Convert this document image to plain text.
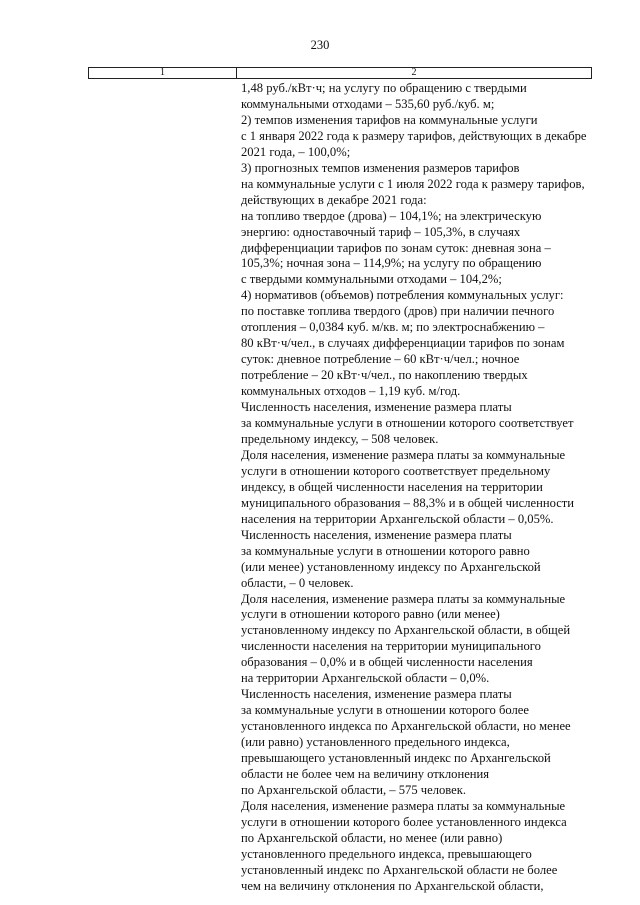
230
1	2
1,48 руб./кВт·ч; на услугу по обращению с твердыми
коммунальными отходами – 535,60 руб./куб. м;
2) темпов изменения тарифов на коммунальные услуги
с 1 января 2022 года к размеру тарифов, действующих в декабре
2021 года, – 100,0%;
3) прогнозных темпов изменения размеров тарифов
на коммунальные услуги с 1 июля 2022 года к размеру тарифов,
действующих в декабре 2021 года:
на топливо твердое (дрова) – 104,1%; на электрическую
энергию: одноставочный тариф – 105,3%, в случаях
дифференциации тарифов по зонам суток: дневная зона –
105,3%; ночная зона – 114,9%; на услугу по обращению
с твердыми коммунальными отходами – 104,2%;
4) нормативов (объемов) потребления коммунальных услуг:
по поставке топлива твердого (дров) при наличии печного
отопления – 0,0384 куб. м/кв. м; по электроснабжению –
80 кВт·ч/чел., в случаях дифференциации тарифов по зонам
суток: дневное потребление – 60 кВт·ч/чел.; ночное
потребление – 20 кВт·ч/чел., по накоплению твердых
коммунальных отходов – 1,19 куб. м/год.
Численность населения, изменение размера платы
за коммунальные услуги в отношении которого соответствует
предельному индексу, – 508 человек.
Доля населения, изменение размера платы за коммунальные
услуги в отношении которого соответствует предельному
индексу, в общей численности населения на территории
муниципального образования – 88,3% и в общей численности
населения на территории Архангельской области – 0,05%.
Численность населения, изменение размера платы
за коммунальные услуги в отношении которого равно
(или менее) установленному индексу по Архангельской
области, – 0 человек.
Доля населения, изменение размера платы за коммунальные
услуги в отношении которого равно (или менее)
установленному индексу по Архангельской области, в общей
численности населения на территории муниципального
образования – 0,0% и в общей численности населения
на территории Архангельской области – 0,0%.
Численность населения, изменение размера платы
за коммунальные услуги в отношении которого более
установленного индекса по Архангельской области, но менее
(или равно) установленного предельного индекса,
превышающего установленный индекс по Архангельской
области не более чем на величину отклонения
по Архангельской области, – 575 человек.
Доля населения, изменение размера платы за коммунальные
услуги в отношении которого более установленного индекса
по Архангельской области, но менее (или равно)
установленного предельного индекса, превышающего
установленный индекс по Архангельской области не более
чем на величину отклонения по Архангельской области,
